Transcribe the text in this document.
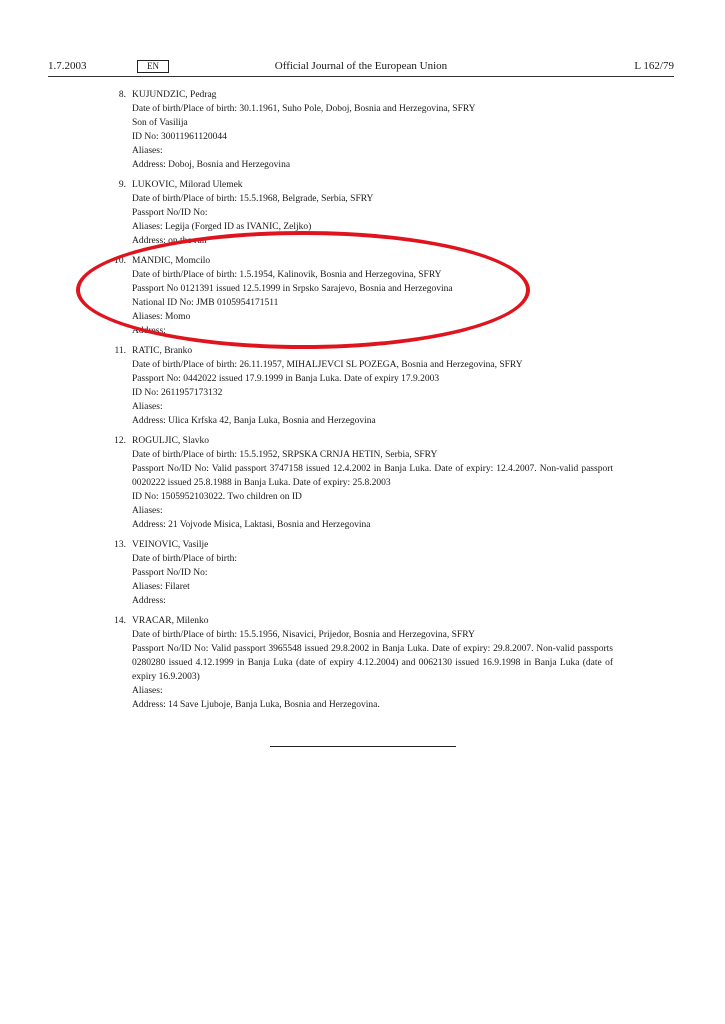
1.7.2003	Official Journal of the European Union
EN	L 162/79
8. KUJUNDZIC, Pedrag
Date of birth/Place of birth: 30.1.1961, Suho Pole, Doboj, Bosnia and Herzegovina, SFRY
Son of Vasilija
ID No: 30011961120044
Aliases:
Address: Doboj, Bosnia and Herzegovina
9. LUKOVIC, Milorad Ulemek
Date of birth/Place of birth: 15.5.1968, Belgrade, Serbia, SFRY
Passport No/ID No:
Aliases: Legija (Forged ID as IVANIC, Zeljko)
Address: on the run
10. MANDIC, Momcilo
Date of birth/Place of birth: 1.5.1954, Kalinovik, Bosnia and Herzegovina, SFRY
Passport No 0121391 issued 12.5.1999 in Srpsko Sarajevo, Bosnia and Herzegovina
National ID No: JMB 0105954171511
Aliases: Momo
Address:
11. RATIC, Branko
Date of birth/Place of birth: 26.11.1957, MIHALJEVCI SL POZEGA, Bosnia and Herzegovina, SFRY
Passport No: 0442022 issued 17.9.1999 in Banja Luka. Date of expiry 17.9.2003
ID No: 2611957173132
Aliases:
Address: Ulica Krfska 42, Banja Luka, Bosnia and Herzegovina
12. ROGULJIC, Slavko
Date of birth/Place of birth: 15.5.1952, SRPSKA CRNJA HETIN, Serbia, SFRY
Passport No/ID No: Valid passport 3747158 issued 12.4.2002 in Banja Luka. Date of expiry: 12.4.2007. Non-valid passport 0020222 issued 25.8.1988 in Banja Luka. Date of expiry: 25.8.2003
ID No: 1505952103022. Two children on ID
Aliases:
Address: 21 Vojvode Misica, Laktasi, Bosnia and Herzegovina
13. VEINOVIC, Vasilje
Date of birth/Place of birth:
Passport No/ID No:
Aliases: Filaret
Address:
14. VRACAR, Milenko
Date of birth/Place of birth: 15.5.1956, Nisavici, Prijedor, Bosnia and Herzegovina, SFRY
Passport No/ID No: Valid passport 3965548 issued 29.8.2002 in Banja Luka. Date of expiry: 29.8.2007. Non-valid passports 0280280 issued 4.12.1999 in Banja Luka (date of expiry 4.12.2004) and 0062130 issued 16.9.1998 in Banja Luka (date of expiry 16.9.2003)
Aliases:
Address: 14 Save Ljuboje, Banja Luka, Bosnia and Herzegovina.
